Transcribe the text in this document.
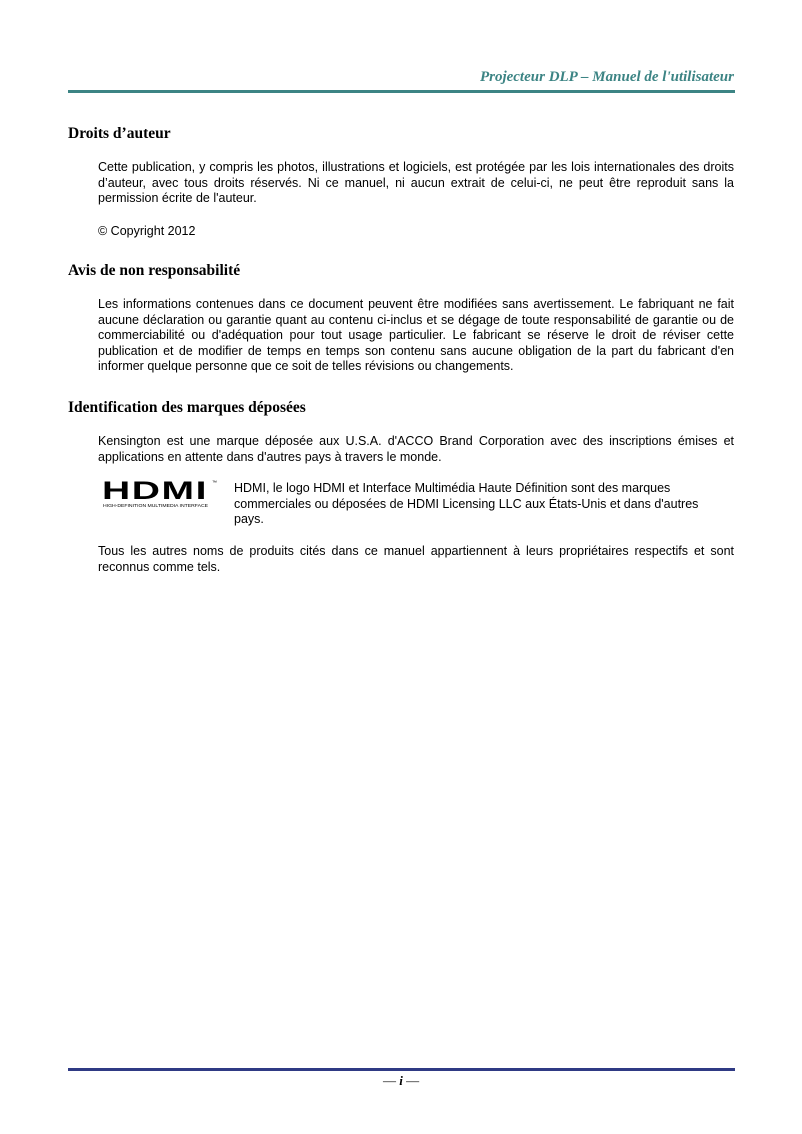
Projecteur DLP – Manuel de l'utilisateur
Droits d’auteur

Cette publication, y compris les photos, illustrations et logiciels, est protégée par les lois internationales des droits d’auteur, avec tous droits réservés. Ni ce manuel, ni aucun extrait de celui-ci, ne peut être reproduit sans la permission écrite de l'auteur.

© Copyright 2012

Avis de non responsabilité

Les informations contenues dans ce document peuvent être modifiées sans avertissement. Le fabriquant ne fait aucune déclaration ou garantie quant au contenu ci-inclus et se dégage de toute responsabilité de garantie ou de commerciabilité ou d'adéquation pour tout usage particulier. Le fabricant se réserve le droit de réviser cette publication et de modifier de temps en temps son contenu sans aucune obligation de la part du fabricant d'en informer quelque personne que ce soit de telles révisions ou changements.

Identification des marques déposées

Kensington est une marque déposée aux U.S.A. d'ACCO Brand Corporation avec des inscriptions émises et applications en attente dans d'autres pays à travers le monde.

HDMI ™
HIGH-DEFINITION MULTIMEDIA INTERFACE

HDMI, le logo HDMI et Interface Multimédia Haute Définition sont des marques commerciales ou déposées de HDMI Licensing LLC aux États-Unis et dans d'autres pays.

Tous les autres noms de produits cités dans ce manuel appartiennent à leurs propriétaires respectifs et sont reconnus comme tels.

— i —
